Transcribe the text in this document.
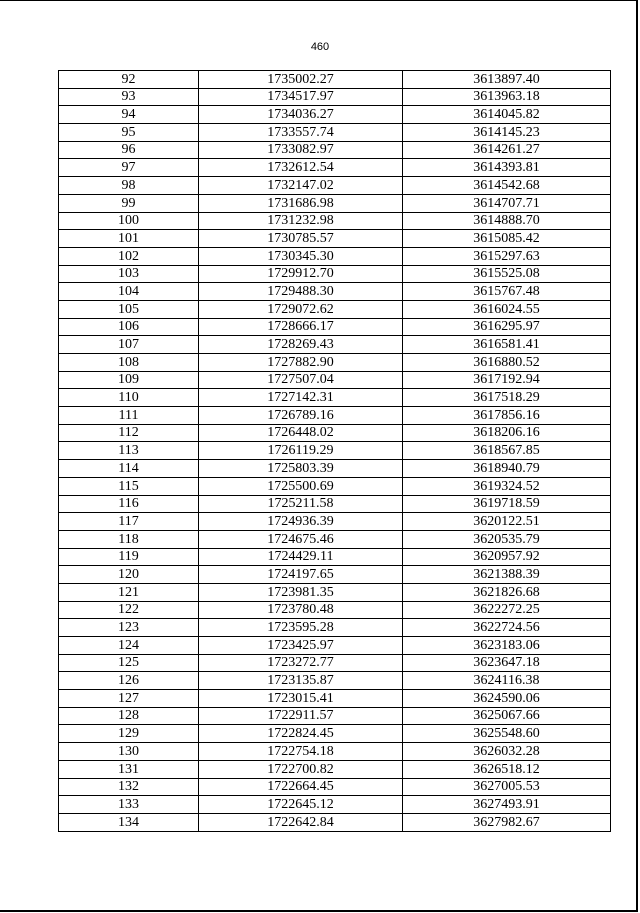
460
92	1735002.27	3613897.40
93	1734517.97	3613963.18
94	1734036.27	3614045.82
95	1733557.74	3614145.23
96	1733082.97	3614261.27
97	1732612.54	3614393.81
98	1732147.02	3614542.68
99	1731686.98	3614707.71
100	1731232.98	3614888.70
101	1730785.57	3615085.42
102	1730345.30	3615297.63
103	1729912.70	3615525.08
104	1729488.30	3615767.48
105	1729072.62	3616024.55
106	1728666.17	3616295.97
107	1728269.43	3616581.41
108	1727882.90	3616880.52
109	1727507.04	3617192.94
110	1727142.31	3617518.29
111	1726789.16	3617856.16
112	1726448.02	3618206.16
113	1726119.29	3618567.85
114	1725803.39	3618940.79
115	1725500.69	3619324.52
116	1725211.58	3619718.59
117	1724936.39	3620122.51
118	1724675.46	3620535.79
119	1724429.11	3620957.92
120	1724197.65	3621388.39
121	1723981.35	3621826.68
122	1723780.48	3622272.25
123	1723595.28	3622724.56
124	1723425.97	3623183.06
125	1723272.77	3623647.18
126	1723135.87	3624116.38
127	1723015.41	3624590.06
128	1722911.57	3625067.66
129	1722824.45	3625548.60
130	1722754.18	3626032.28
131	1722700.82	3626518.12
132	1722664.45	3627005.53
133	1722645.12	3627493.91
134	1722642.84	3627982.67
